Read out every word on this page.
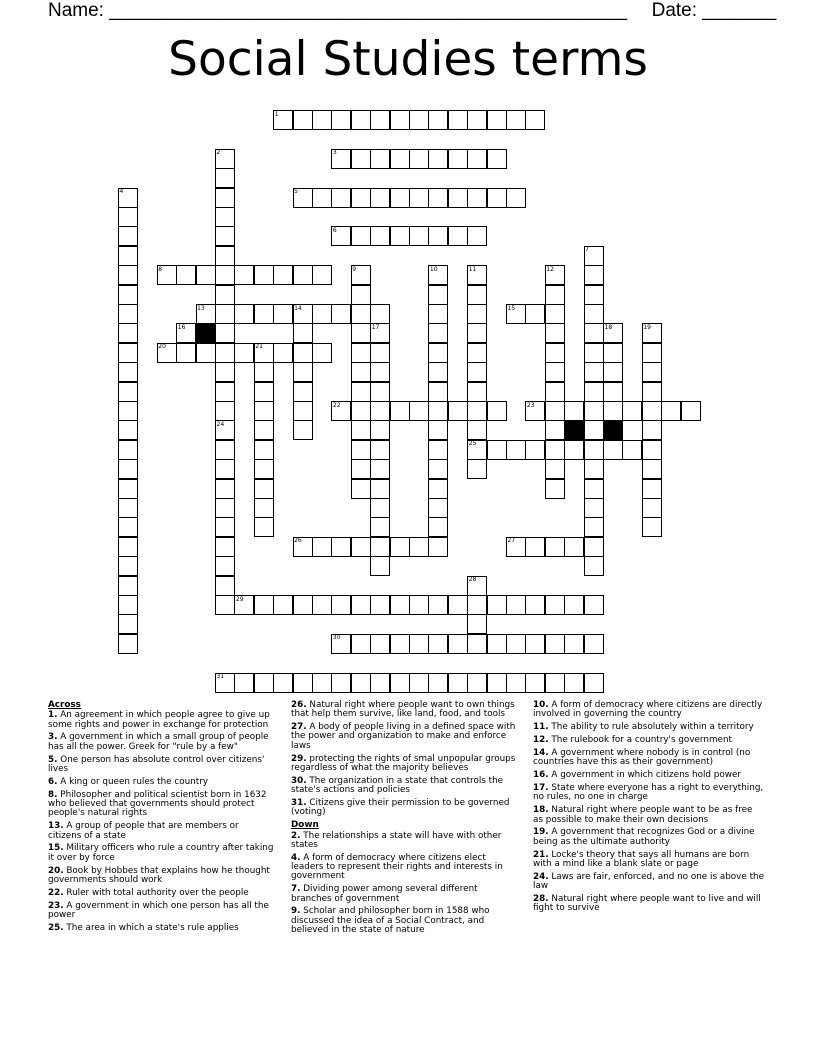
Name: _________________________________________________ Date: _______
Social Studies terms
1
3
5
6
8
13	15
16
20
22	23
25
26	27
29
30
31
2
4
7
9	10	11	12
14
17	18	19
21
24
28
Across
1. An agreement in which people agree to give up some rights and power in exchange for protection
3. A government in which a small group of people has all the power. Greek for "rule by a few"
5. One person has absolute control over citizens' lives
6. A king or queen rules the country
8. Philosopher and political scientist born in 1632 who believed that governments should protect people's natural rights
13. A group of people that are members or citizens of a state
15. Military officers who rule a country after taking it over by force
20. Book by Hobbes that explains how he thought governments should work
22. Ruler with total authority over the people
23. A government in which one person has all the power
25. The area in which a state's rule applies
26. Natural right where people want to own things that help them survive, like land, food, and tools
27. A body of people living in a defined space with the power and organization to make and enforce laws
29. protecting the rights of smal unpopular groups regardless of what the majority believes
30. The organization in a state that controls the state's actions and policies
31. Citizens give their permission to be governed (voting)
Down
2. The relationships a state will have with other states
4. A form of democracy where citizens elect leaders to represent their rights and interests in government
7. Dividing power among several different branches of government
9. Scholar and philosopher born in 1588 who discussed the idea of a Social Contract, and believed in the state of nature
10. A form of democracy where citizens are directly involved in governing the country
11. The ability to rule absolutely within a territory
12. The rulebook for a country's government
14. A government where nobody is in control (no countries have this as their government)
16. A government in which citizens hold power
17. State where everyone has a right to everything, no rules, no one in charge
18. Natural right where people want to be as free as possible to make their own decisions
19. A government that recognizes God or a divine being as the ultimate authority
21. Locke's theory that says all humans are born with a mind like a blank slate or page
24. Laws are fair, enforced, and no one is above the law
28. Natural right where people want to live and will fight to survive
